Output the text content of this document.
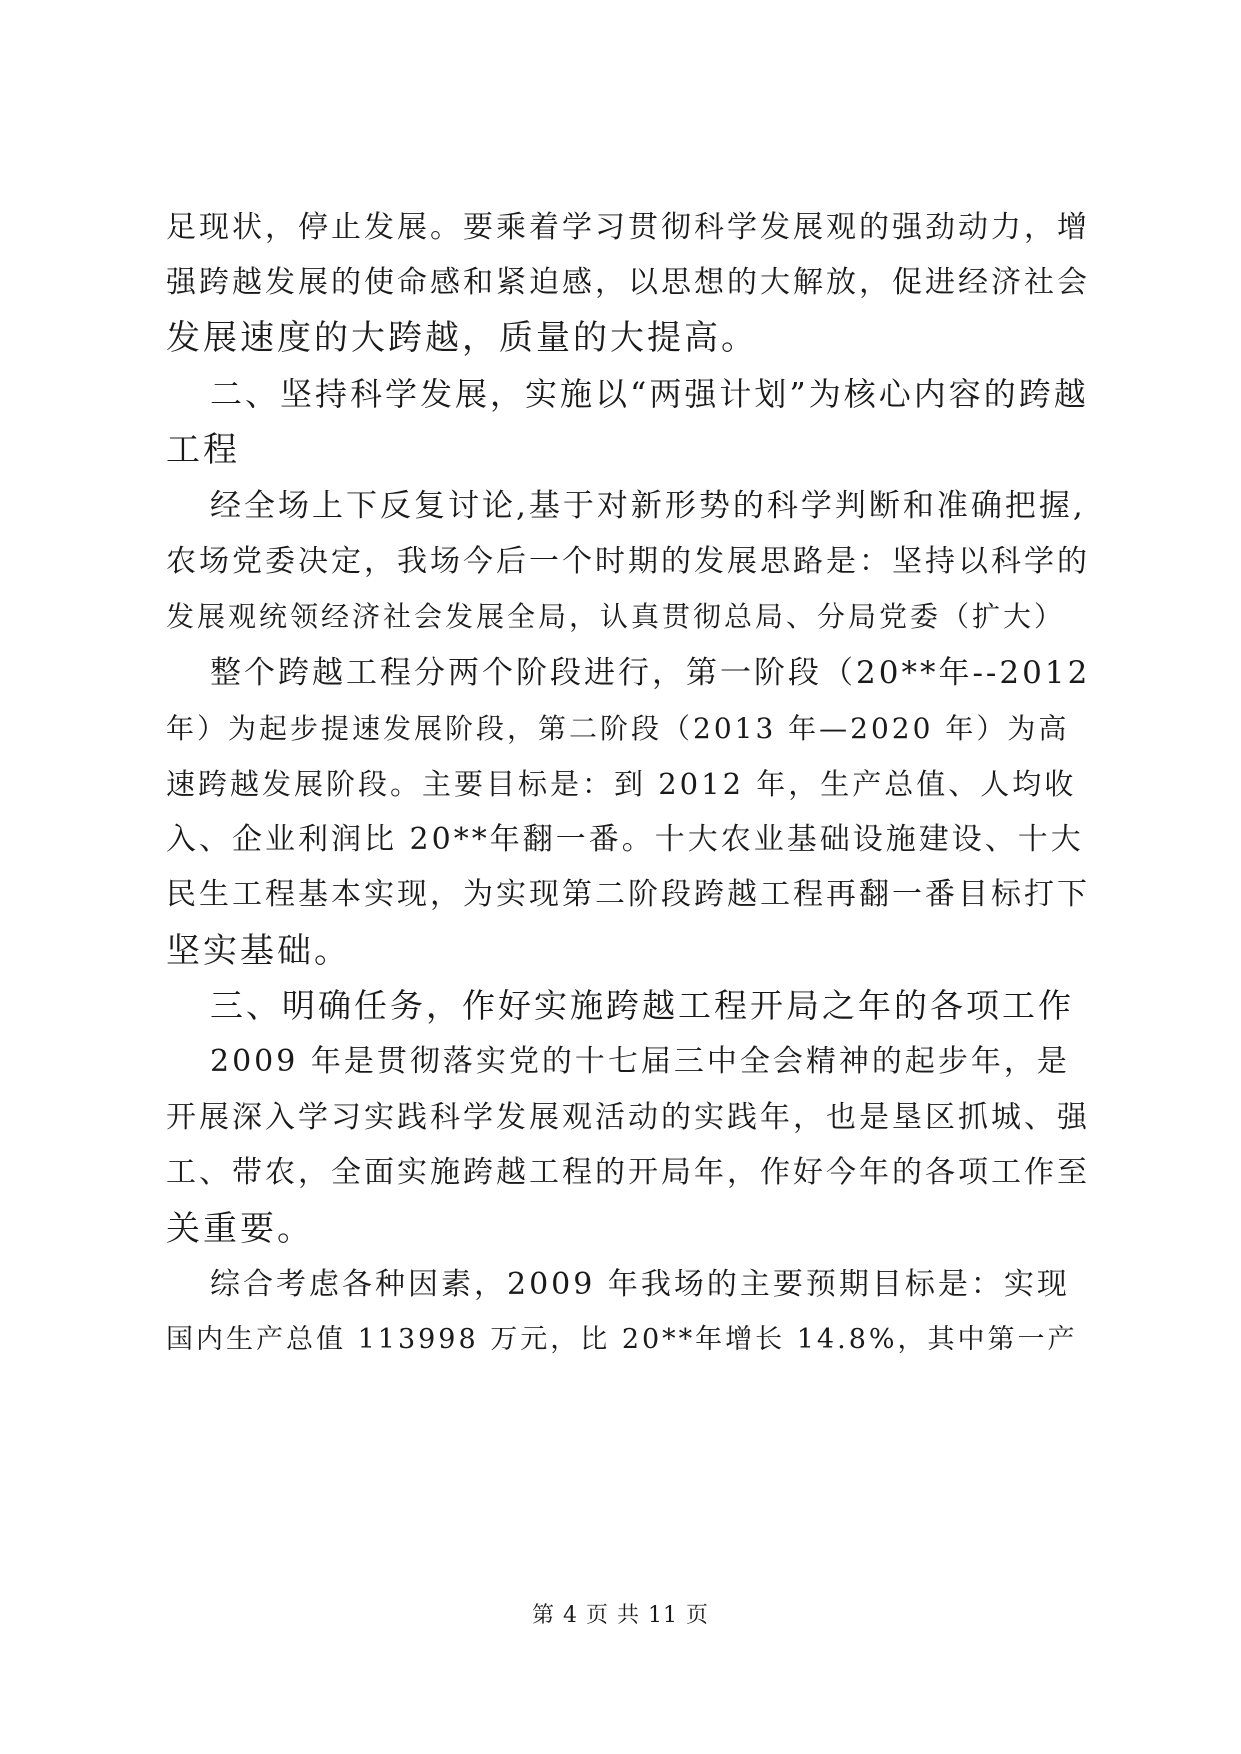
足现状，停止发展。要乘着学习贯彻科学发展观的强劲动力，增
强跨越发展的使命感和紧迫感，以思想的大解放，促进经济社会
发展速度的大跨越，质量的大提高。
二、坚持科学发展，实施以“两强计划”为核心内容的跨越
工程
经全场上下反复讨论,基于对新形势的科学判断和准确把握,
农场党委决定，我场今后一个时期的发展思路是：坚持以科学的
发展观统领经济社会发展全局，认真贯彻总局、分局党委（扩大）
整个跨越工程分两个阶段进行，第一阶段（20**年--2012
年）为起步提速发展阶段，第二阶段（2013 年—2020 年）为高
速跨越发展阶段。主要目标是：到 2012 年，生产总值、人均收
入、企业利润比 20**年翻一番。十大农业基础设施建设、十大
民生工程基本实现，为实现第二阶段跨越工程再翻一番目标打下
坚实基础。
三、明确任务，作好实施跨越工程开局之年的各项工作
2009 年是贯彻落实党的十七届三中全会精神的起步年，是
开展深入学习实践科学发展观活动的实践年，也是垦区抓城、强
工、带农，全面实施跨越工程的开局年，作好今年的各项工作至
关重要。
综合考虑各种因素，2009 年我场的主要预期目标是：实现
国内生产总值 113998 万元，比 20**年增长 14.8%，其中第一产
第 4 页 共 11 页
